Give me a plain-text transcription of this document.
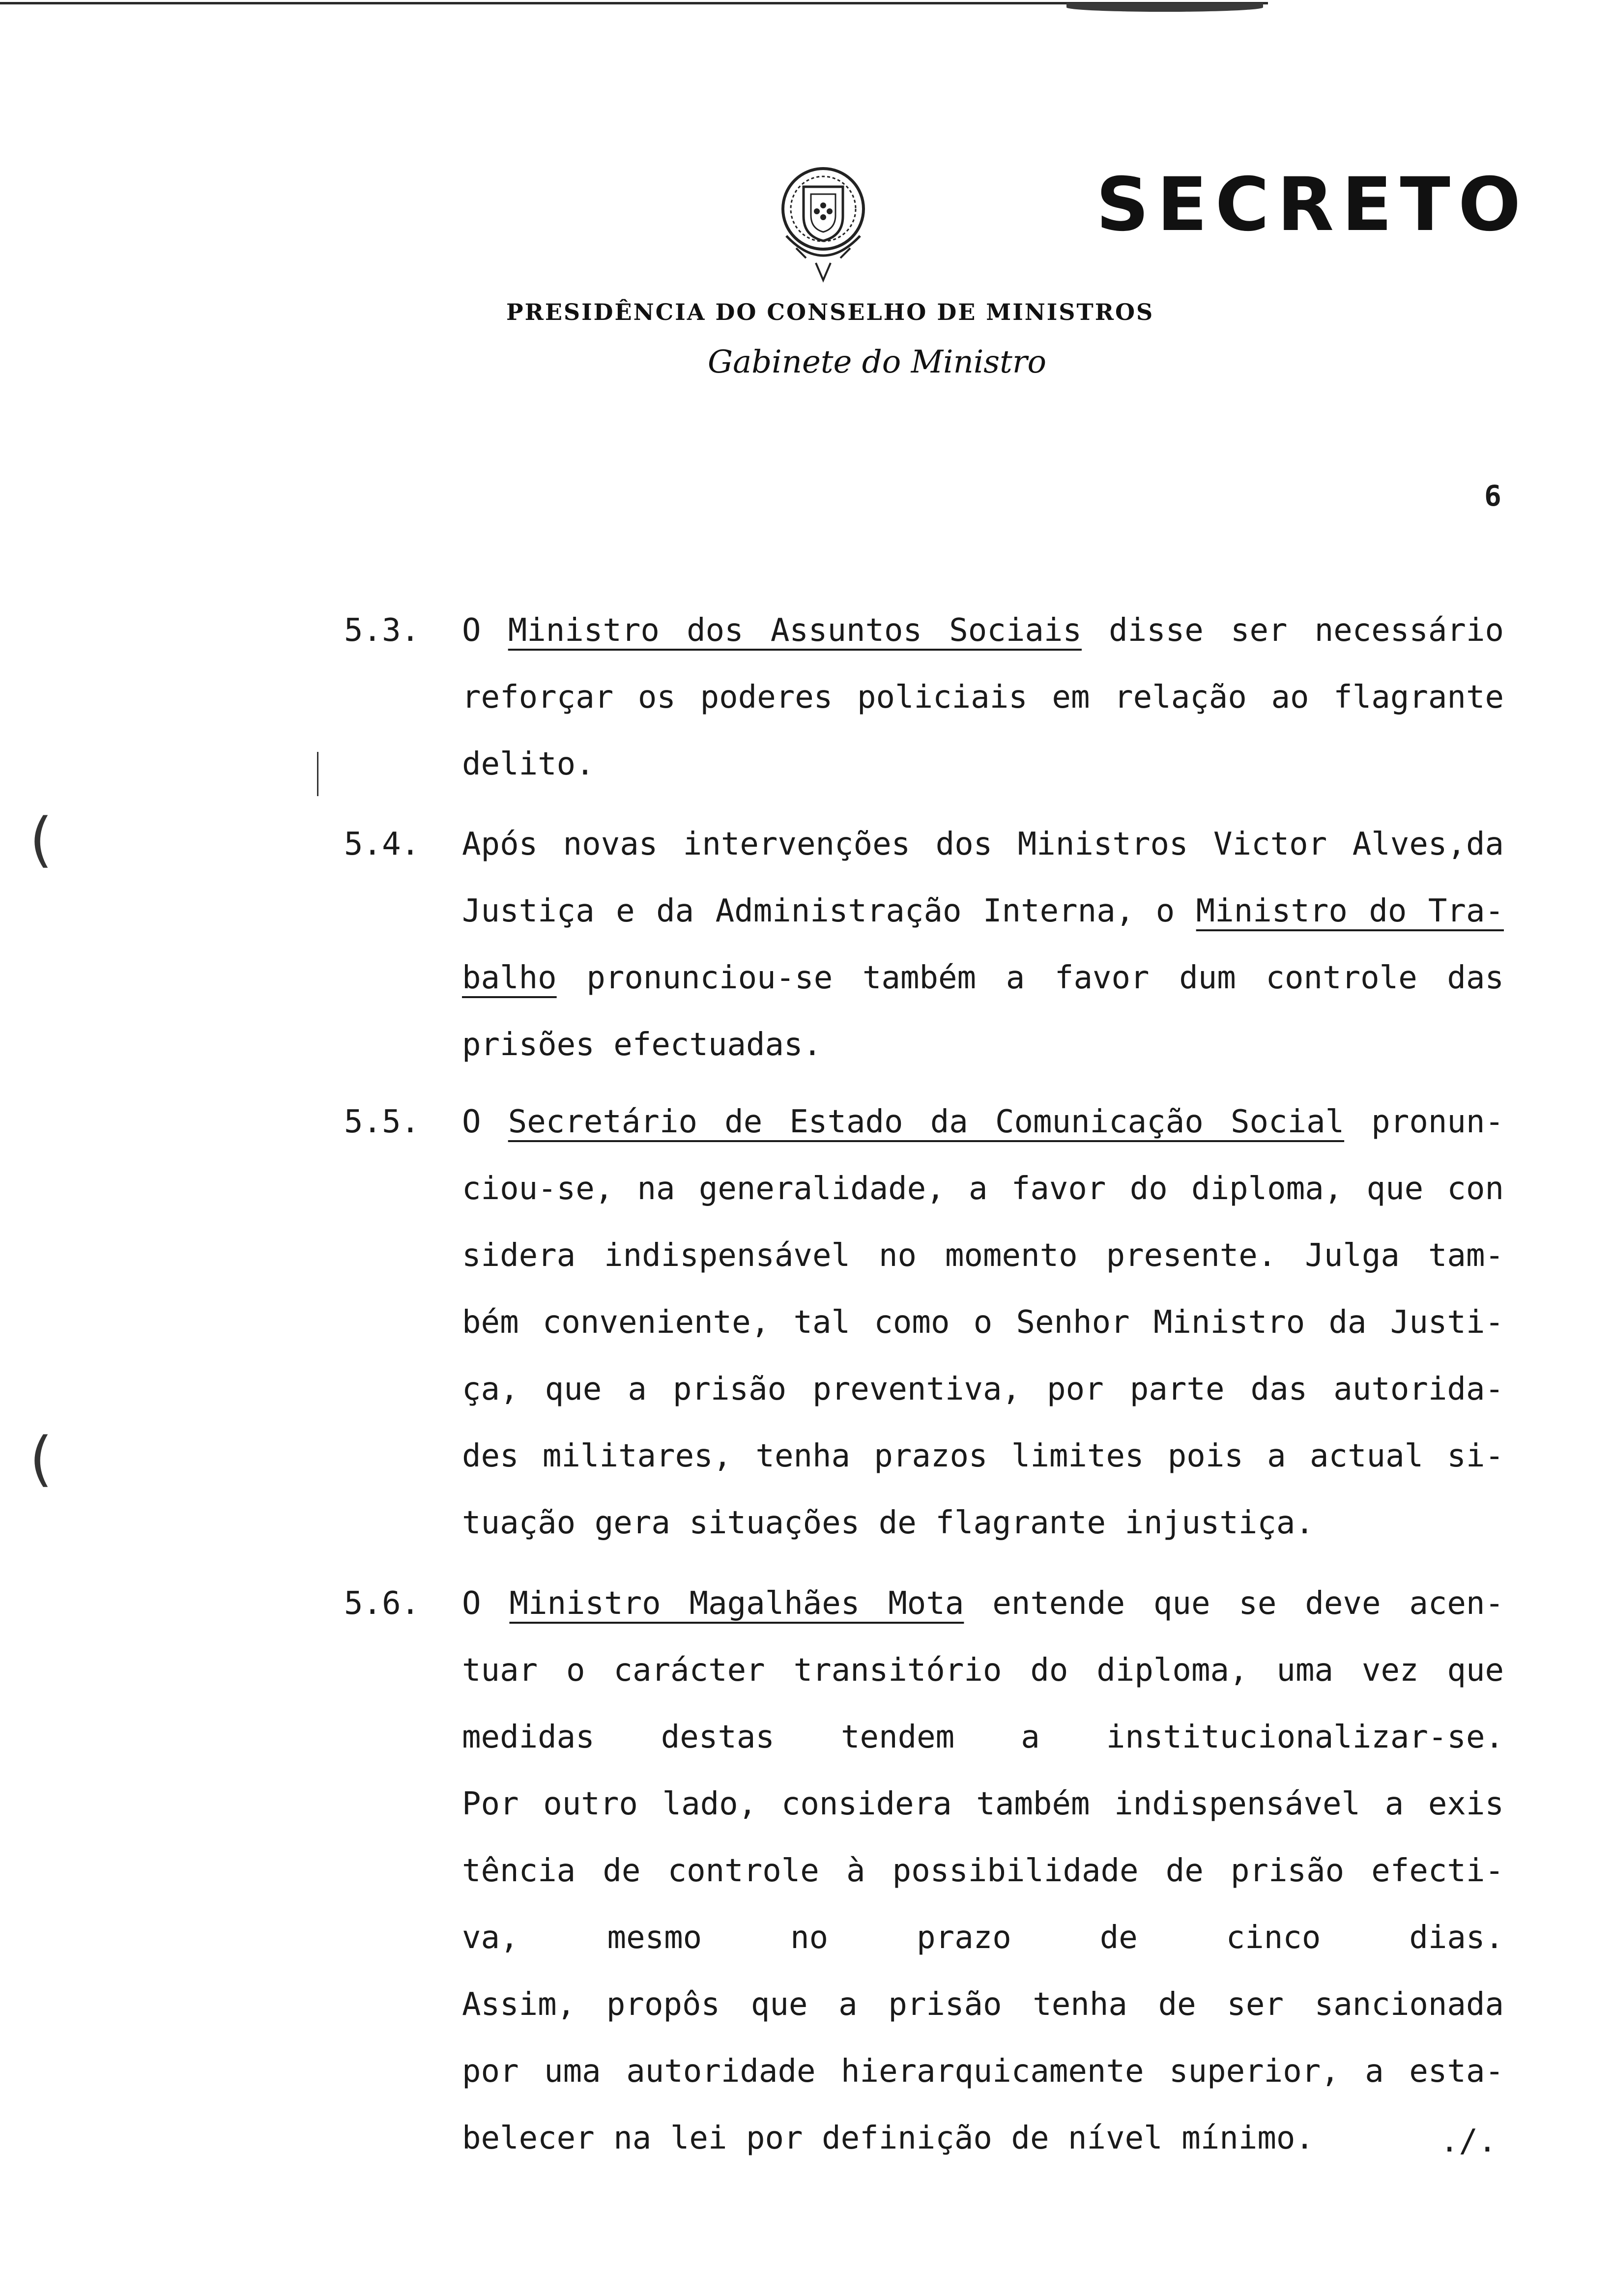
SECRETO
PRESIDÊNCIA DO CONSELHO DE MINISTROS
Gabinete do Ministro
6
(
(
5.3. O Ministro dos Assuntos Sociais disse ser necessário
reforçar os poderes policiais em relação ao flagrante
delito.
5.4. Após novas intervenções dos Ministros Victor Alves,da
Justiça e da Administração Interna, o Ministro do Tra-
balho pronunciou-se também a favor dum controle das
prisões efectuadas.
5.5. O Secretário de Estado da Comunicação Social pronun-
ciou-se, na generalidade, a favor do diploma, que con
sidera indispensável no momento presente. Julga tam-
bém conveniente, tal como o Senhor Ministro da Justi-
ça, que a prisão preventiva, por parte das autorida-
des militares, tenha prazos limites pois a actual si-
tuação gera situações de flagrante injustiça.
5.6. O Ministro Magalhães Mota entende que se deve acen-
tuar o carácter transitório do diploma, uma vez que
medidas destas tendem a institucionalizar-se.
Por outro lado, considera também indispensável a exis
tência de controle à possibilidade de prisão efecti-
va, mesmo no prazo de cinco dias.
Assim, propôs que a prisão tenha de ser sancionada
por uma autoridade hierarquicamente superior, a esta-
belecer na lei por definição de nível mínimo.	./.
